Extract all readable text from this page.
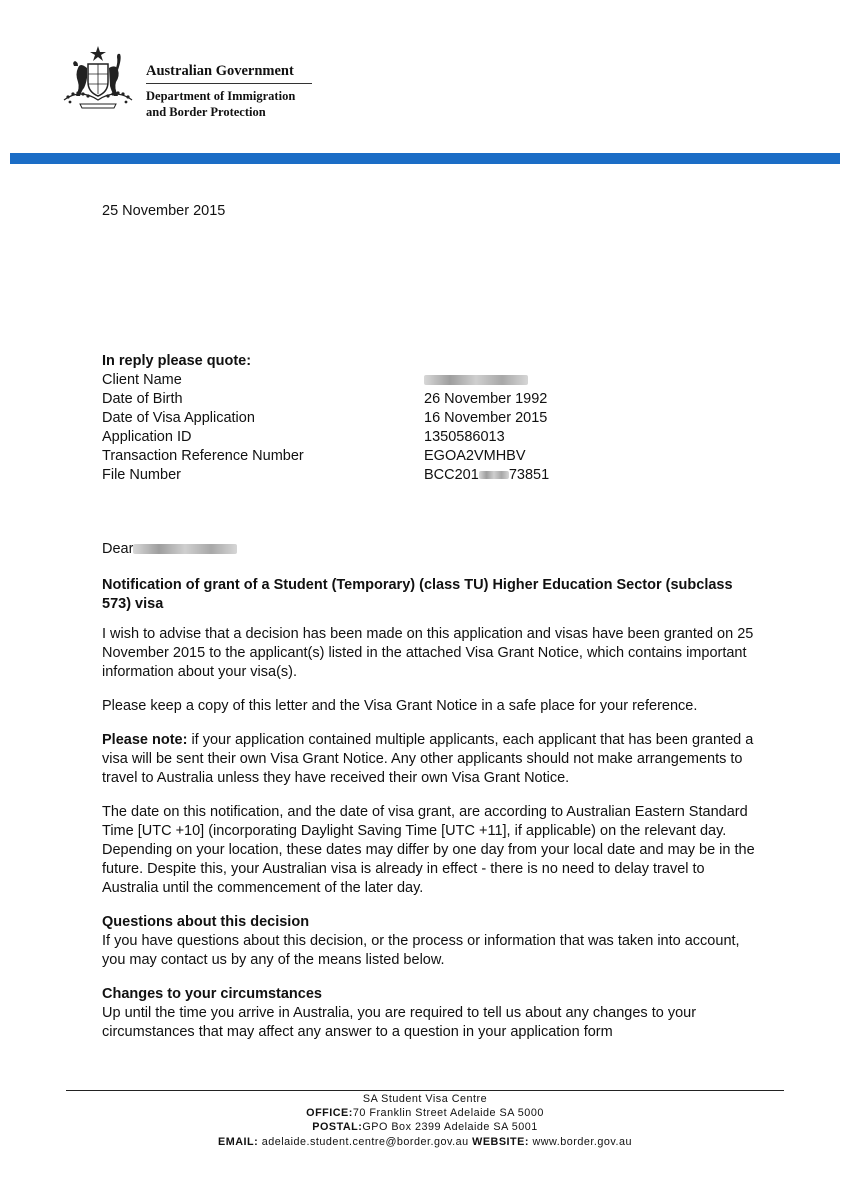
Australian Government
Department of Immigration
and Border Protection
25 November 2015
In reply please quote:
Client Name
Date of Birth	26 November 1992
Date of Visa Application	16 November 2015
Application ID	1350586013
Transaction Reference Number	EGOA2VMHBV
File Number	BCC201 73851
Dear

Notification of grant of a Student (Temporary) (class TU) Higher Education Sector (subclass 573) visa

I wish to advise that a decision has been made on this application and visas have been granted on 25 November 2015 to the applicant(s) listed in the attached Visa Grant Notice, which contains important information about your visa(s).

Please keep a copy of this letter and the Visa Grant Notice in a safe place for your reference.

Please note: if your application contained multiple applicants, each applicant that has been granted a visa will be sent their own Visa Grant Notice. Any other applicants should not make arrangements to travel to Australia unless they have received their own Visa Grant Notice.

The date on this notification, and the date of visa grant, are according to Australian Eastern Standard Time [UTC +10] (incorporating Daylight Saving Time [UTC +11], if applicable) on the relevant day. Depending on your location, these dates may differ by one day from your local date and may be in the future. Despite this, your Australian visa is already in effect - there is no need to delay travel to Australia until the commencement of the later day.

Questions about this decision
If you have questions about this decision, or the process or information that was taken into account, you may contact us by any of the means listed below.
Changes to your circumstances
Up until the time you arrive in Australia, you are required to tell us about any changes to your circumstances that may affect any answer to a question in your application form
SA Student Visa Centre
OFFICE:70 Franklin Street Adelaide SA 5000
POSTAL:GPO Box 2399 Adelaide SA 5001
EMAIL: adelaide.student.centre@border.gov.au WEBSITE: www.border.gov.au
